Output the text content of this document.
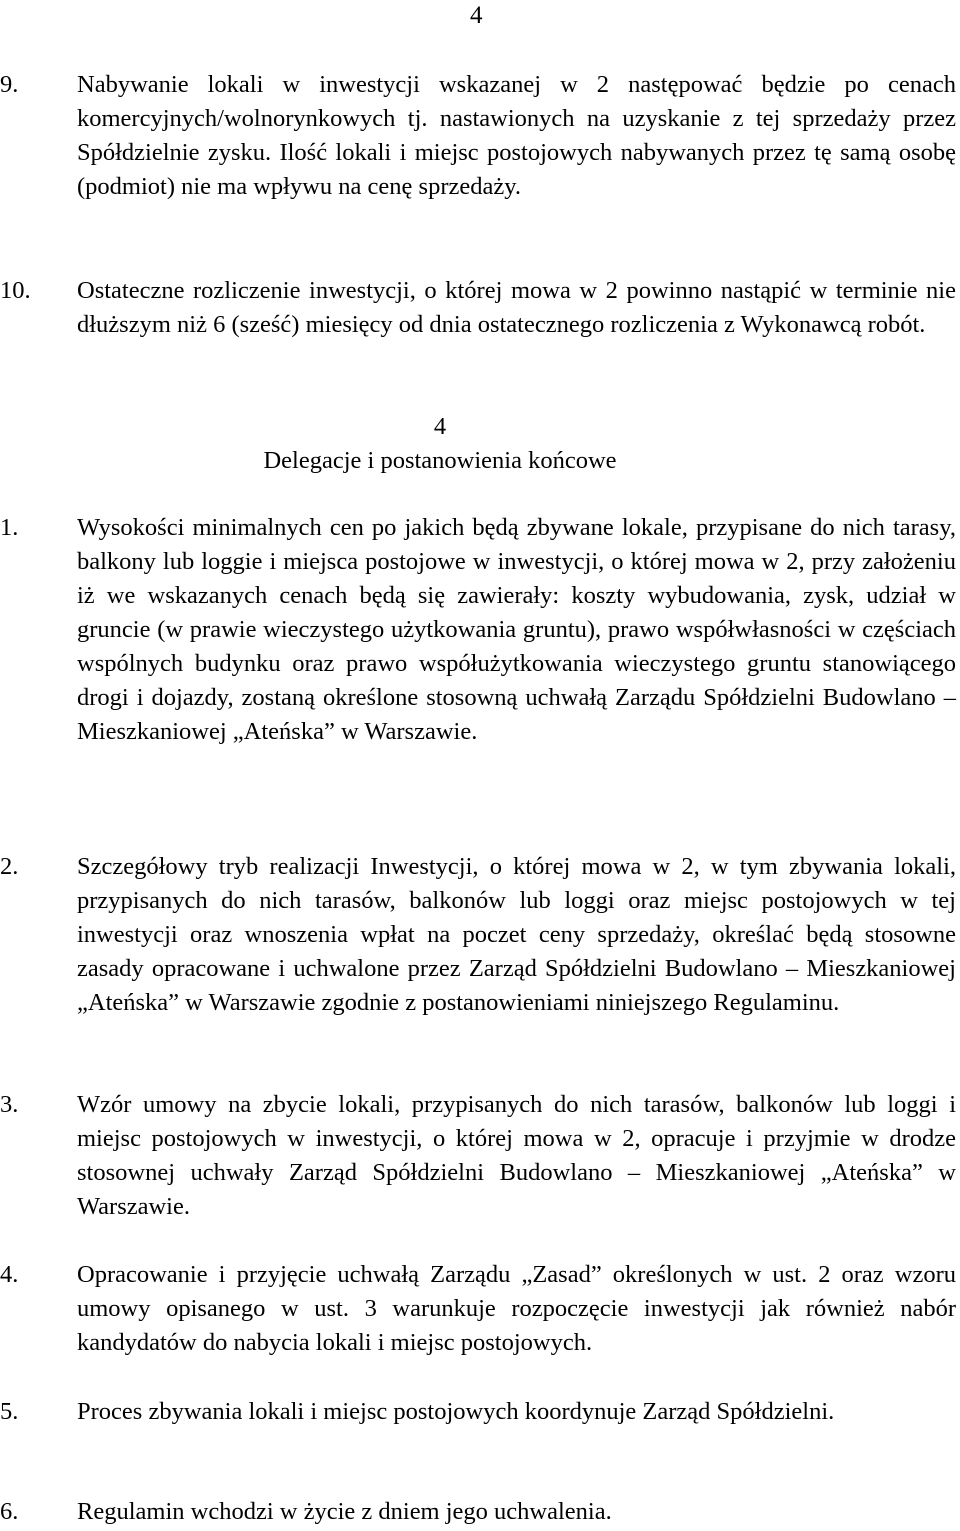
4
9. Nabywanie lokali w inwestycji wskazanej w 2 następować będzie po cenach komercyjnych/wolnorynkowych tj. nastawionych na uzyskanie z tej sprzedaży przez Spółdzielnie zysku. Ilość lokali i miejsc postojowych nabywanych przez tę samą osobę (podmiot) nie ma wpływu na cenę sprzedaży.
10. Ostateczne rozliczenie inwestycji, o której mowa w 2 powinno nastąpić w terminie nie dłuższym niż 6 (sześć) miesięcy od dnia ostatecznego rozliczenia z Wykonawcą robót.
4
Delegacje i postanowienia końcowe
1. Wysokości minimalnych cen po jakich będą zbywane lokale, przypisane do nich tarasy, balkony lub loggie i miejsca postojowe w inwestycji, o której mowa w 2, przy założeniu iż we wskazanych cenach będą się zawierały: koszty wybudowania, zysk, udział w gruncie (w prawie wieczystego użytkowania gruntu), prawo współwłasności w częściach wspólnych budynku oraz prawo współużytkowania wieczystego gruntu stanowiącego drogi i dojazdy, zostaną określone stosowną uchwałą Zarządu Spółdzielni Budowlano – Mieszkaniowej „Ateńska” w Warszawie.
2. Szczegółowy tryb realizacji Inwestycji, o której mowa w 2, w tym zbywania lokali, przypisanych do nich tarasów, balkonów lub loggi oraz miejsc postojowych w tej inwestycji oraz wnoszenia wpłat na poczet ceny sprzedaży, określać będą stosowne zasady opracowane i uchwalone przez Zarząd Spółdzielni Budowlano – Mieszkaniowej „Ateńska” w Warszawie zgodnie z postanowieniami niniejszego Regulaminu.
3. Wzór umowy na zbycie lokali, przypisanych do nich tarasów, balkonów lub loggi i miejsc postojowych w inwestycji, o której mowa w 2, opracuje i przyjmie w drodze stosownej uchwały Zarząd Spółdzielni Budowlano – Mieszkaniowej „Ateńska” w Warszawie.
4. Opracowanie i przyjęcie uchwałą Zarządu „Zasad” określonych w ust. 2 oraz wzoru umowy opisanego w ust. 3 warunkuje rozpoczęcie inwestycji jak również nabór kandydatów do nabycia lokali i miejsc postojowych.
5. Proces zbywania lokali i miejsc postojowych koordynuje Zarząd Spółdzielni.
6. Regulamin wchodzi w życie z dniem jego uchwalenia.
